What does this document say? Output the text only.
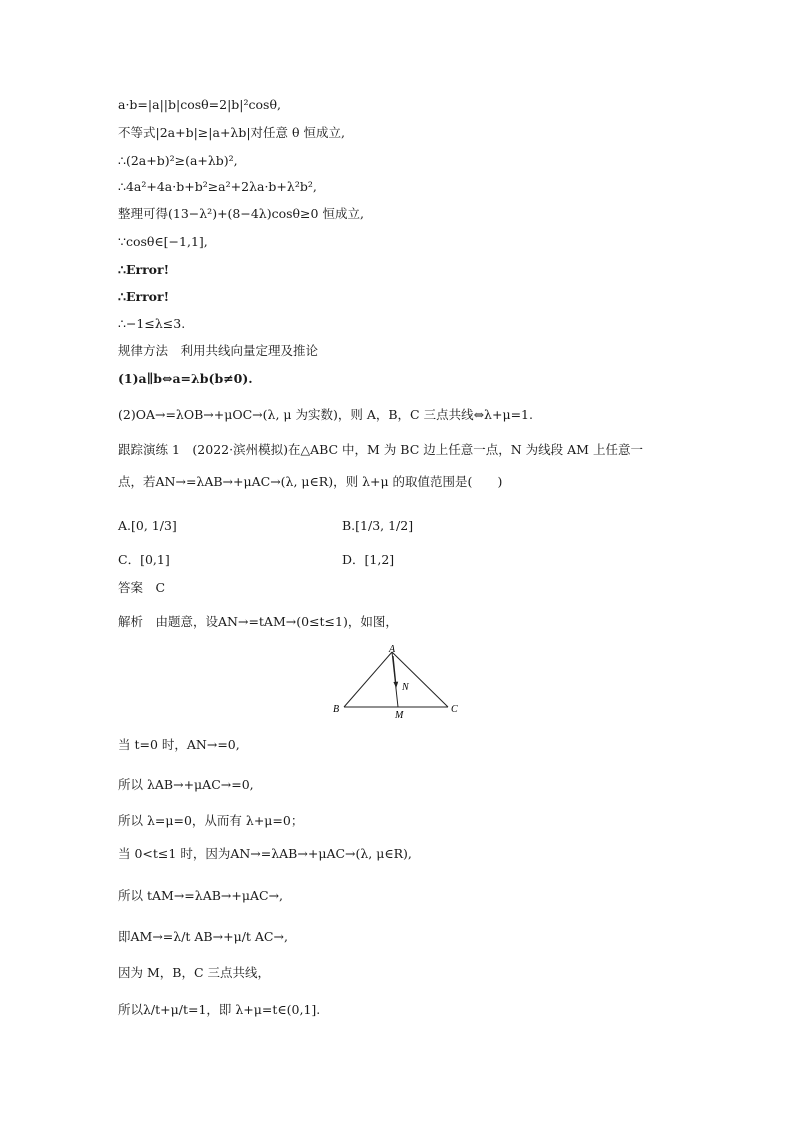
a·b=|a||b|cosθ=2|b|²cosθ,
不等式|2a+b|≥|a+λb|对任意 θ 恒成立,
∴(2a+b)²≥(a+λb)²,
∴4a²+4a·b+b²≥a²+2λa·b+λ²b²,
整理可得(13−λ²)+(8−4λ)cosθ≥0 恒成立,
∵cosθ∈[−1,1],
∴Error!
∴Error!
∴−1≤λ≤3.
规律方法　利用共线向量定理及推论
(1)a∥b⇔a=λb(b≠0).
(2)OA→=λOB→+μOC→(λ, μ 为实数)，则 A，B，C 三点共线⇔λ+μ=1.
跟踪演练 1　(2022·滨州模拟)在△ABC 中，M 为 BC 边上任意一点，N 为线段 AM 上任意一
点，若AN→=λAB→+μAC→(λ, μ∈R)，则 λ+μ 的取值范围是(　　)
A.[0, 1/3]	B.[1/3, 1/2]
C．[0,1]	D．[1,2]
答案　C
解析　由题意，设AN→=tAM→(0≤t≤1)，如图，
A
B	C
M
N
当 t=0 时，AN→=0,
所以 λAB→+μAC→=0,
所以 λ=μ=0，从而有 λ+μ=0；
当 0<t≤1 时，因为AN→=λAB→+μAC→(λ, μ∈R),
所以 tAM→=λAB→+μAC→,
即AM→=λ/t AB→+μ/t AC→,
因为 M，B，C 三点共线，
所以λ/t+μ/t=1，即 λ+μ=t∈(0,1].
